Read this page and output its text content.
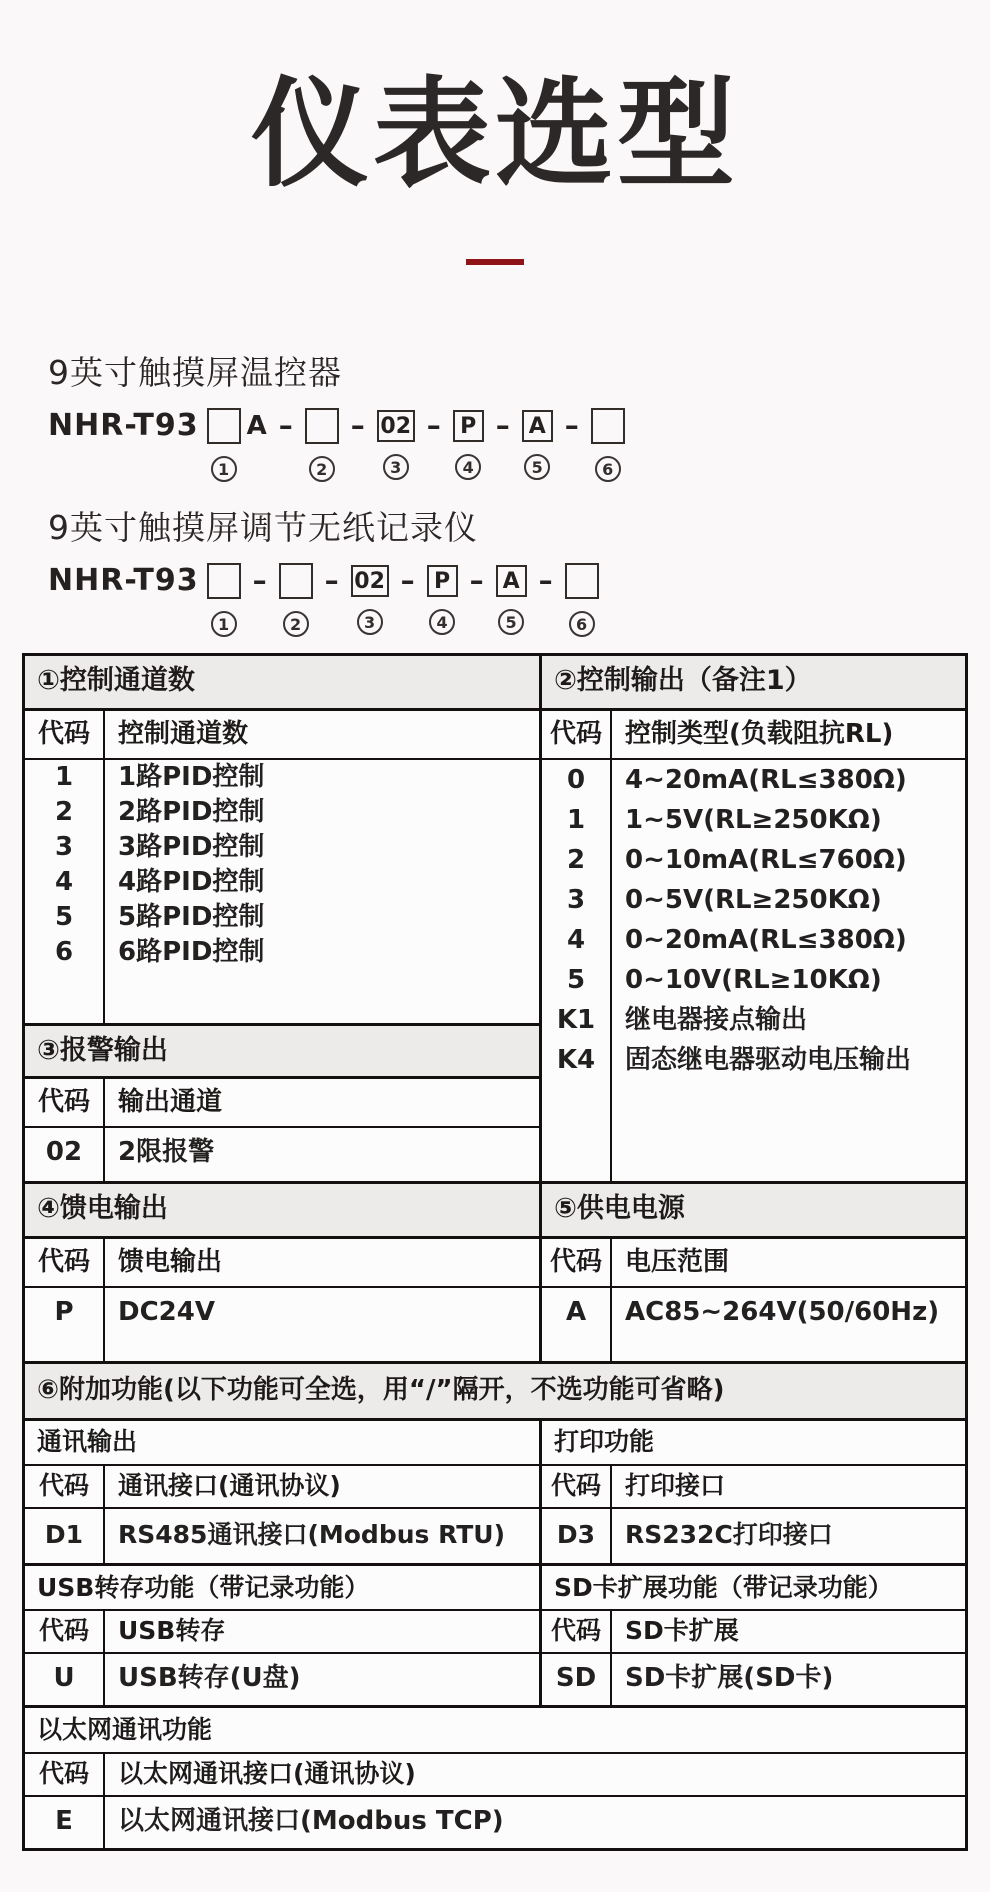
仪表选型
9英寸触摸屏温控器
NHR-T93
1
A –
2
– 02
3
– P
4
– A
5
–
6
9英寸触摸屏调节无纸记录仪
NHR-T93
1
–
2
– 02
3
– P
4
– A
5
–
6
①控制通道数
代码	控制通道数
1	1路PID控制
2	2路PID控制
3	3路PID控制
4	4路PID控制
5	5路PID控制
6	6路PID控制
③报警输出
代码	输出通道
02	2限报警
②控制输出（备注1）
代码 控制类型(负载阻抗RL)
0	4~20mA(RL≤380Ω)
1	1~5V(RL≥250KΩ)
2	0~10mA(RL≤760Ω)
3	0~5V(RL≥250KΩ)
4	0~20mA(RL≤380Ω)
5	0~10V(RL≥10KΩ)
K1	继电器接点输出
K4	固态继电器驱动电压输出
④馈电输出
代码	馈电输出
P	DC24V
⑤供电电源
代码 电压范围
A	AC85~264V(50/60Hz)
⑥附加功能(以下功能可全选，用“/”隔开，不选功能可省略)
通讯输出
代码	通讯接口(通讯协议)
D1	RS485通讯接口(Modbus RTU)
USB转存功能（带记录功能）
代码	USB转存
U	USB转存(U盘)
打印功能
代码 打印接口
D3	RS232C打印接口
SD卡扩展功能（带记录功能）
代码 SD卡扩展
SD	SD卡扩展(SD卡)
以太网通讯功能
代码	以太网通讯接口(通讯协议)
E	以太网通讯接口(Modbus TCP)
